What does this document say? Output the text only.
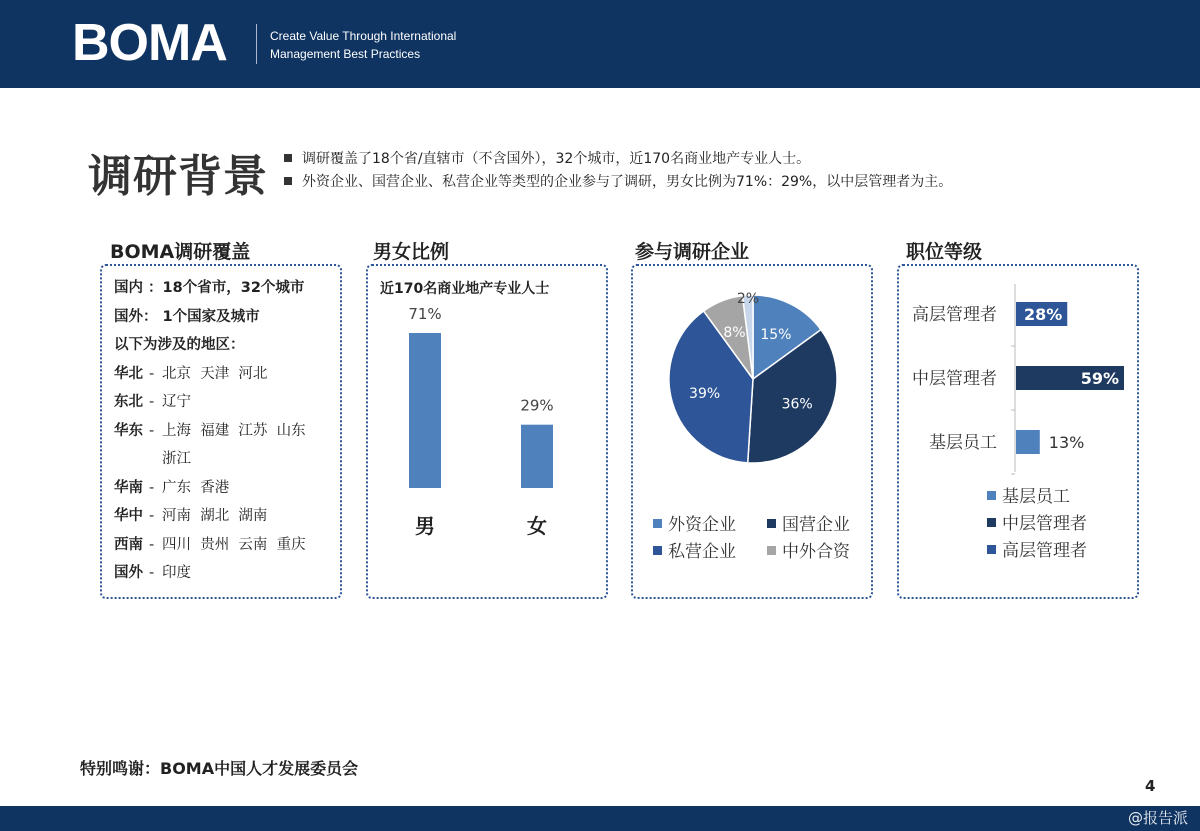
BOMA	Create Value Through International
Management Best Practices
调研背景	调研覆盖了18个省/直辖市（不含国外），32个城市，近170名商业地产专业人士。
外资企业、国营企业、私营企业等类型的企业参与了调研，男女比例为71%：29%，以中层管理者为主。
BOMA调研覆盖
国内 ：18个省市，32个城市
国外： 1个国家及城市
以下为涉及的地区：
华北 - 北京  天津  河北
东北 - 辽宁
华东 - 上海  福建  江苏  山东
浙江
华南 - 广东  香港
华中 - 河南  湖北  湖南
西南 - 四川  贵州  云南  重庆
国外 - 印度
男女比例
近170名商业地产专业人士
71%
男
29%
女
参与调研企业
15%
36%
39%
8%
2%
外资企业	国营企业
私营企业	中外合资
职位等级
高层管理者 28%
中层管理者	59%
基层员工	13%
基层员工
中层管理者
高层管理者
特别鸣谢：BOMA中国人才发展委员会
4
@报告派
